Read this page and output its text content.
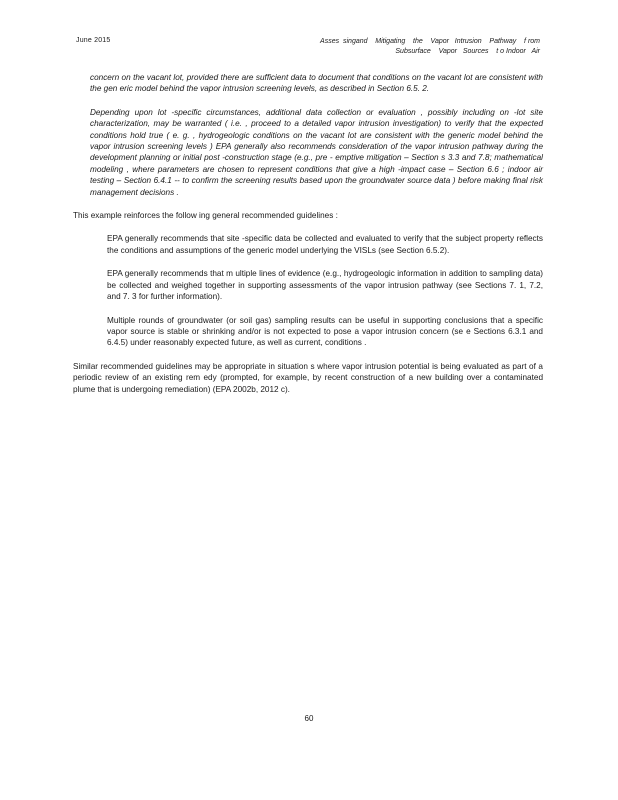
June 2015	Asses  singand    Mitigating    the    Vapor   Intrusion    Pathway    f rom
Subsurface    Vapor   Sources    t o Indoor   Air

concern on the vacant lot, provided there are sufficient data to document that conditions on the vacant lot are consistent with the gen eric model behind the vapor intrusion screening levels, as described in Section 6.5. 2.

Depending upon lot -specific circumstances, additional data collection or evaluation , possibly including on -lot site characterization, may be warranted ( i.e. , proceed to a detailed vapor intrusion investigation) to verify that the expected conditions hold true ( e. g. , hydrogeologic conditions on the vacant lot are consistent with the generic model behind the vapor intrusion screening levels ) EPA generally also recommends consideration of the vapor intrusion pathway during the development planning or initial post -construction stage (e.g., pre - emptive mitigation – Section s 3.3 and 7.8; mathematical modeling , where parameters are chosen to represent conditions that give a high -impact case – Section 6.6 ; indoor air testing – Section 6.4.1 -- to confirm the screening results based upon the groundwater source data ) before making final risk management decisions .

This example reinforces the follow ing general recommended guidelines :

EPA generally recommends that site -specific data be collected and evaluated to verify that the subject property reflects the conditions and assumptions of the generic model underlying the VISLs (see Section 6.5.2).
EPA generally recommends that m ultiple lines of evidence (e.g., hydrogeologic information in addition to sampling data) be collected and weighed together in supporting assessments of the vapor intrusion pathway (see Sections 7. 1, 7.2, and 7. 3 for further information).
Multiple rounds of groundwater (or soil gas) sampling results can be useful in supporting conclusions that a specific vapor source is stable or shrinking and/or is not expected to pose a vapor intrusion concern (se e Sections 6.3.1 and 6.4.5) under reasonably expected future, as well as current, conditions .

Similar recommended guidelines may be appropriate in situation s where vapor intrusion potential is being evaluated as part of a periodic review of an existing rem edy (prompted, for example, by recent construction of a new building over a contaminated plume that is undergoing remediation) (EPA 2002b, 2012 c).

60
